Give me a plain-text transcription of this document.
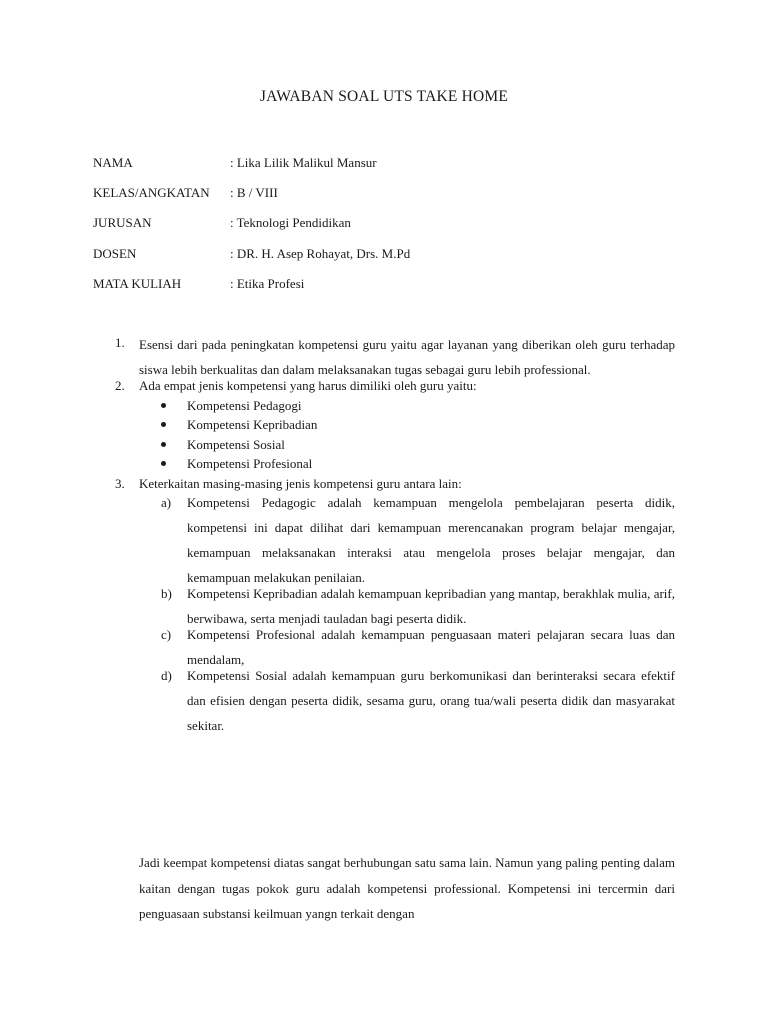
JAWABAN SOAL UTS TAKE HOME
NAMA	: Lika Lilik Malikul Mansur
KELAS/ANGKATAN	: B / VIII
JURUSAN	: Teknologi Pendidikan
DOSEN	: DR. H. Asep Rohayat, Drs. M.Pd
MATA KULIAH	: Etika Profesi
1.	Esensi dari pada peningkatan kompetensi guru yaitu agar layanan yang diberikan oleh guru terhadap siswa lebih berkualitas dan dalam melaksanakan tugas sebagai guru lebih professional.
2.	Ada empat jenis kompetensi yang harus dimiliki oleh guru yaitu:
Kompetensi Pedagogi
Kompetensi Kepribadian
Kompetensi Sosial
Kompetensi Profesional
3.	Keterkaitan masing-masing jenis kompetensi guru antara lain:
a)	Kompetensi Pedagogic adalah kemampuan mengelola pembelajaran peserta didik, kompetensi ini dapat dilihat dari kemampuan merencanakan program belajar mengajar, kemampuan melaksanakan interaksi atau mengelola proses belajar mengajar, dan kemampuan melakukan penilaian.
b)	Kompetensi Kepribadian adalah kemampuan kepribadian yang mantap, berakhlak mulia, arif, berwibawa, serta menjadi tauladan bagi peserta didik.
c)	Kompetensi Profesional adalah kemampuan penguasaan materi pelajaran secara luas dan mendalam,
d)	Kompetensi Sosial adalah kemampuan guru berkomunikasi dan berinteraksi secara efektif dan efisien dengan peserta didik, sesama guru, orang tua/wali peserta didik dan masyarakat sekitar.
Jadi keempat kompetensi diatas sangat berhubungan satu sama lain. Namun yang paling penting dalam kaitan dengan tugas pokok guru adalah kompetensi professional. Kompetensi ini tercermin dari penguasaan substansi keilmuan yangn terkait dengan
